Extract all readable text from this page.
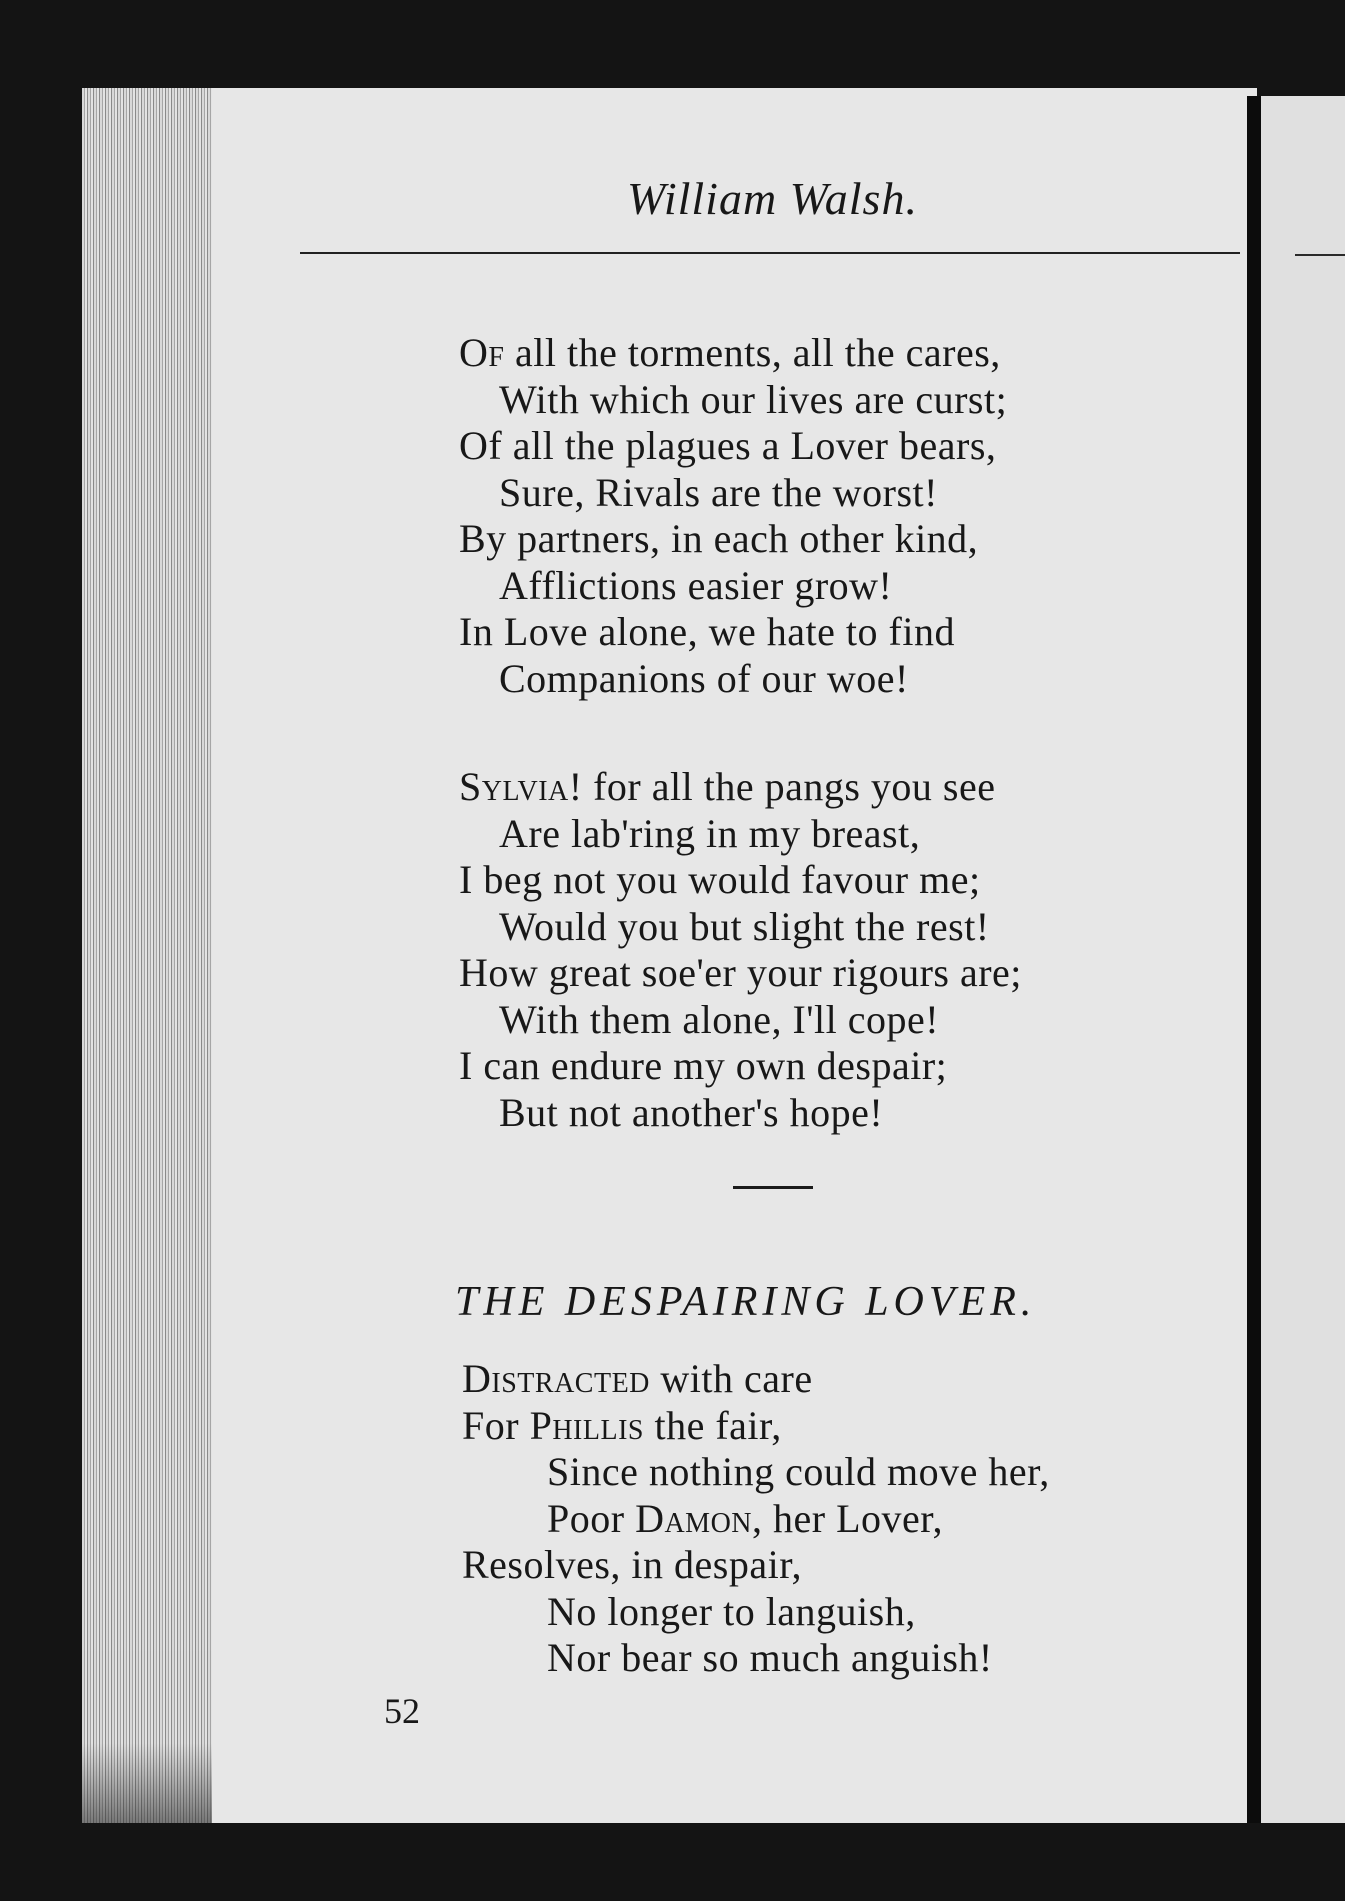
William Walsh.
Of all the torments, all the cares,
With which our lives are curst;
Of all the plagues a Lover bears,
Sure, Rivals are the worst!
By partners, in each other kind,
Afflictions easier grow!
In Love alone, we hate to find
Companions of our woe!
Sylvia! for all the pangs you see
Are lab'ring in my breast,
I beg not you would favour me;
Would you but slight the rest!
How great soe'er your rigours are;
With them alone, I'll cope!
I can endure my own despair;
But not another's hope!
THE DESPAIRING LOVER.
Distracted with care
For Phillis the fair,
Since nothing could move her,
Poor Damon, her Lover,
Resolves, in despair,
No longer to languish,
Nor bear so much anguish!
52
